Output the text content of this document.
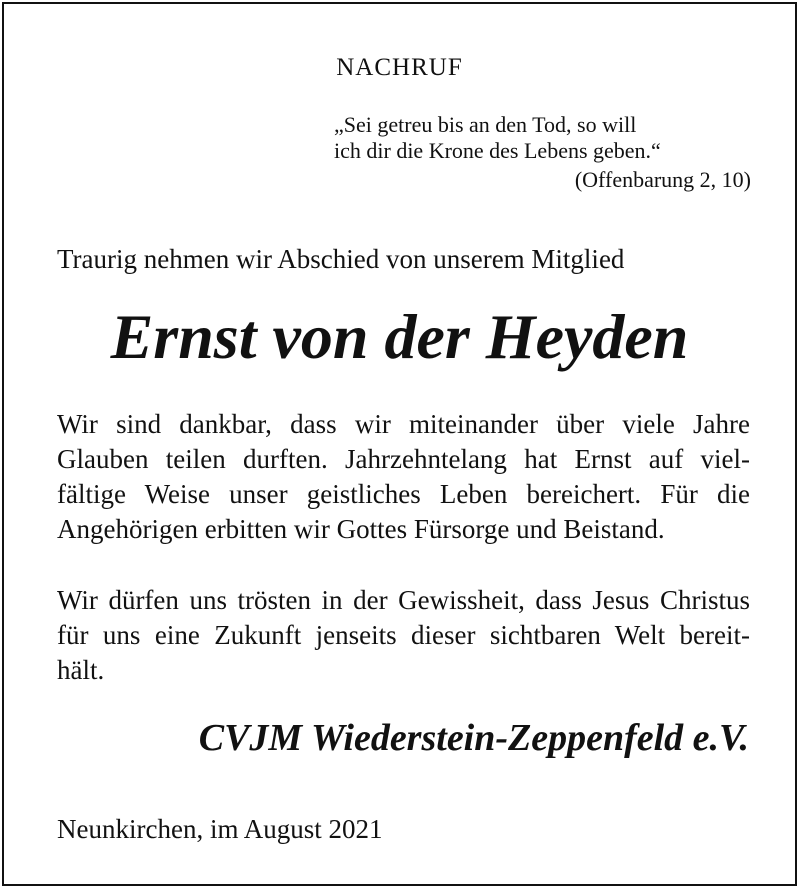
NACHRUF
„Sei getreu bis an den Tod, so will
ich dir die Krone des Lebens geben.“
(Offenbarung 2, 10)
Traurig nehmen wir Abschied von unserem Mitglied
Ernst von der Heyden
Wir sind dankbar, dass wir miteinander über viele Jahre
Glauben teilen durften. Jahrzehntelang hat Ernst auf viel-
fältige Weise unser geistliches Leben bereichert. Für die
Angehörigen erbitten wir Gottes Fürsorge und Beistand.
Wir dürfen uns trösten in der Gewissheit, dass Jesus Christus
für uns eine Zukunft jenseits dieser sichtbaren Welt bereit-
hält.
CVJM Wiederstein-Zeppenfeld e.V.
Neunkirchen, im August 2021
